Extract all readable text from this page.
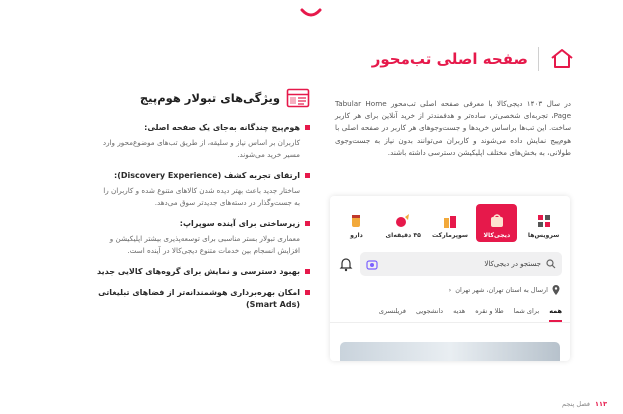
صفحه اصلی تب‌محور
در سال ۱۴۰۳ دیجی‌کالا با معرفی صفحه اصلی تب‌محور Tabular Home Page، تجربه‌ای شخصی‌تر، ساده‌تر و هدفمندتر از خرید آنلاین برای هر کاربر ساخت. این تب‌ها براساس خریدها و جست‌وجوهای هر کاربر در صفحه اصلی با هوم‌پیج نمایش داده می‌شوند و کاربران می‌توانند بدون نیاز به جست‌وجوی طولانی، به بخش‌های مختلف اپلیکیشن دسترسی داشته باشند.
ویژگی‌های تبولار هوم‌پیج
هوم‌پیج چندگانه به‌جای یک صفحه اصلی:
کاربران بر اساس نیاز و سلیقه، از طریق تب‌های موضوع‌محور وارد مسیر خرید می‌شوند.
ارتقای تجربه کشف (Discovery Experience):
ساختار جدید باعث بهتر دیده شدن کالاهای متنوع شده و کاربران را به جست‌وگذار در دسته‌های جدیدتر سوق می‌دهد.
زیرساختی برای آینده سوپراپ:
معماری تبولار بستر مناسبی برای توسعه‌پذیری بیشتر اپلیکیشن و افزایش انسجام بین خدمات متنوع دیجی‌کالا در آینده است.
بهبود دسترسی و نمایش برای گروه‌های کالایی جدید
امکان بهره‌برداری هوشمندانه‌تر از فضاهای تبلیغاتی (Smart Ads)
سرویس‌ها
دیجی‌کالا
سوپرمارکت
۴۵ دقیقه‌ای
دارو
جستجو در دیجی‌کالا
ارسال به استان تهران، شهر تهران
‹
همه
برای شما
طلا و نقره
هدیه
دانشجویی
فریلنسری
۱۱۳
فصل پنجم
